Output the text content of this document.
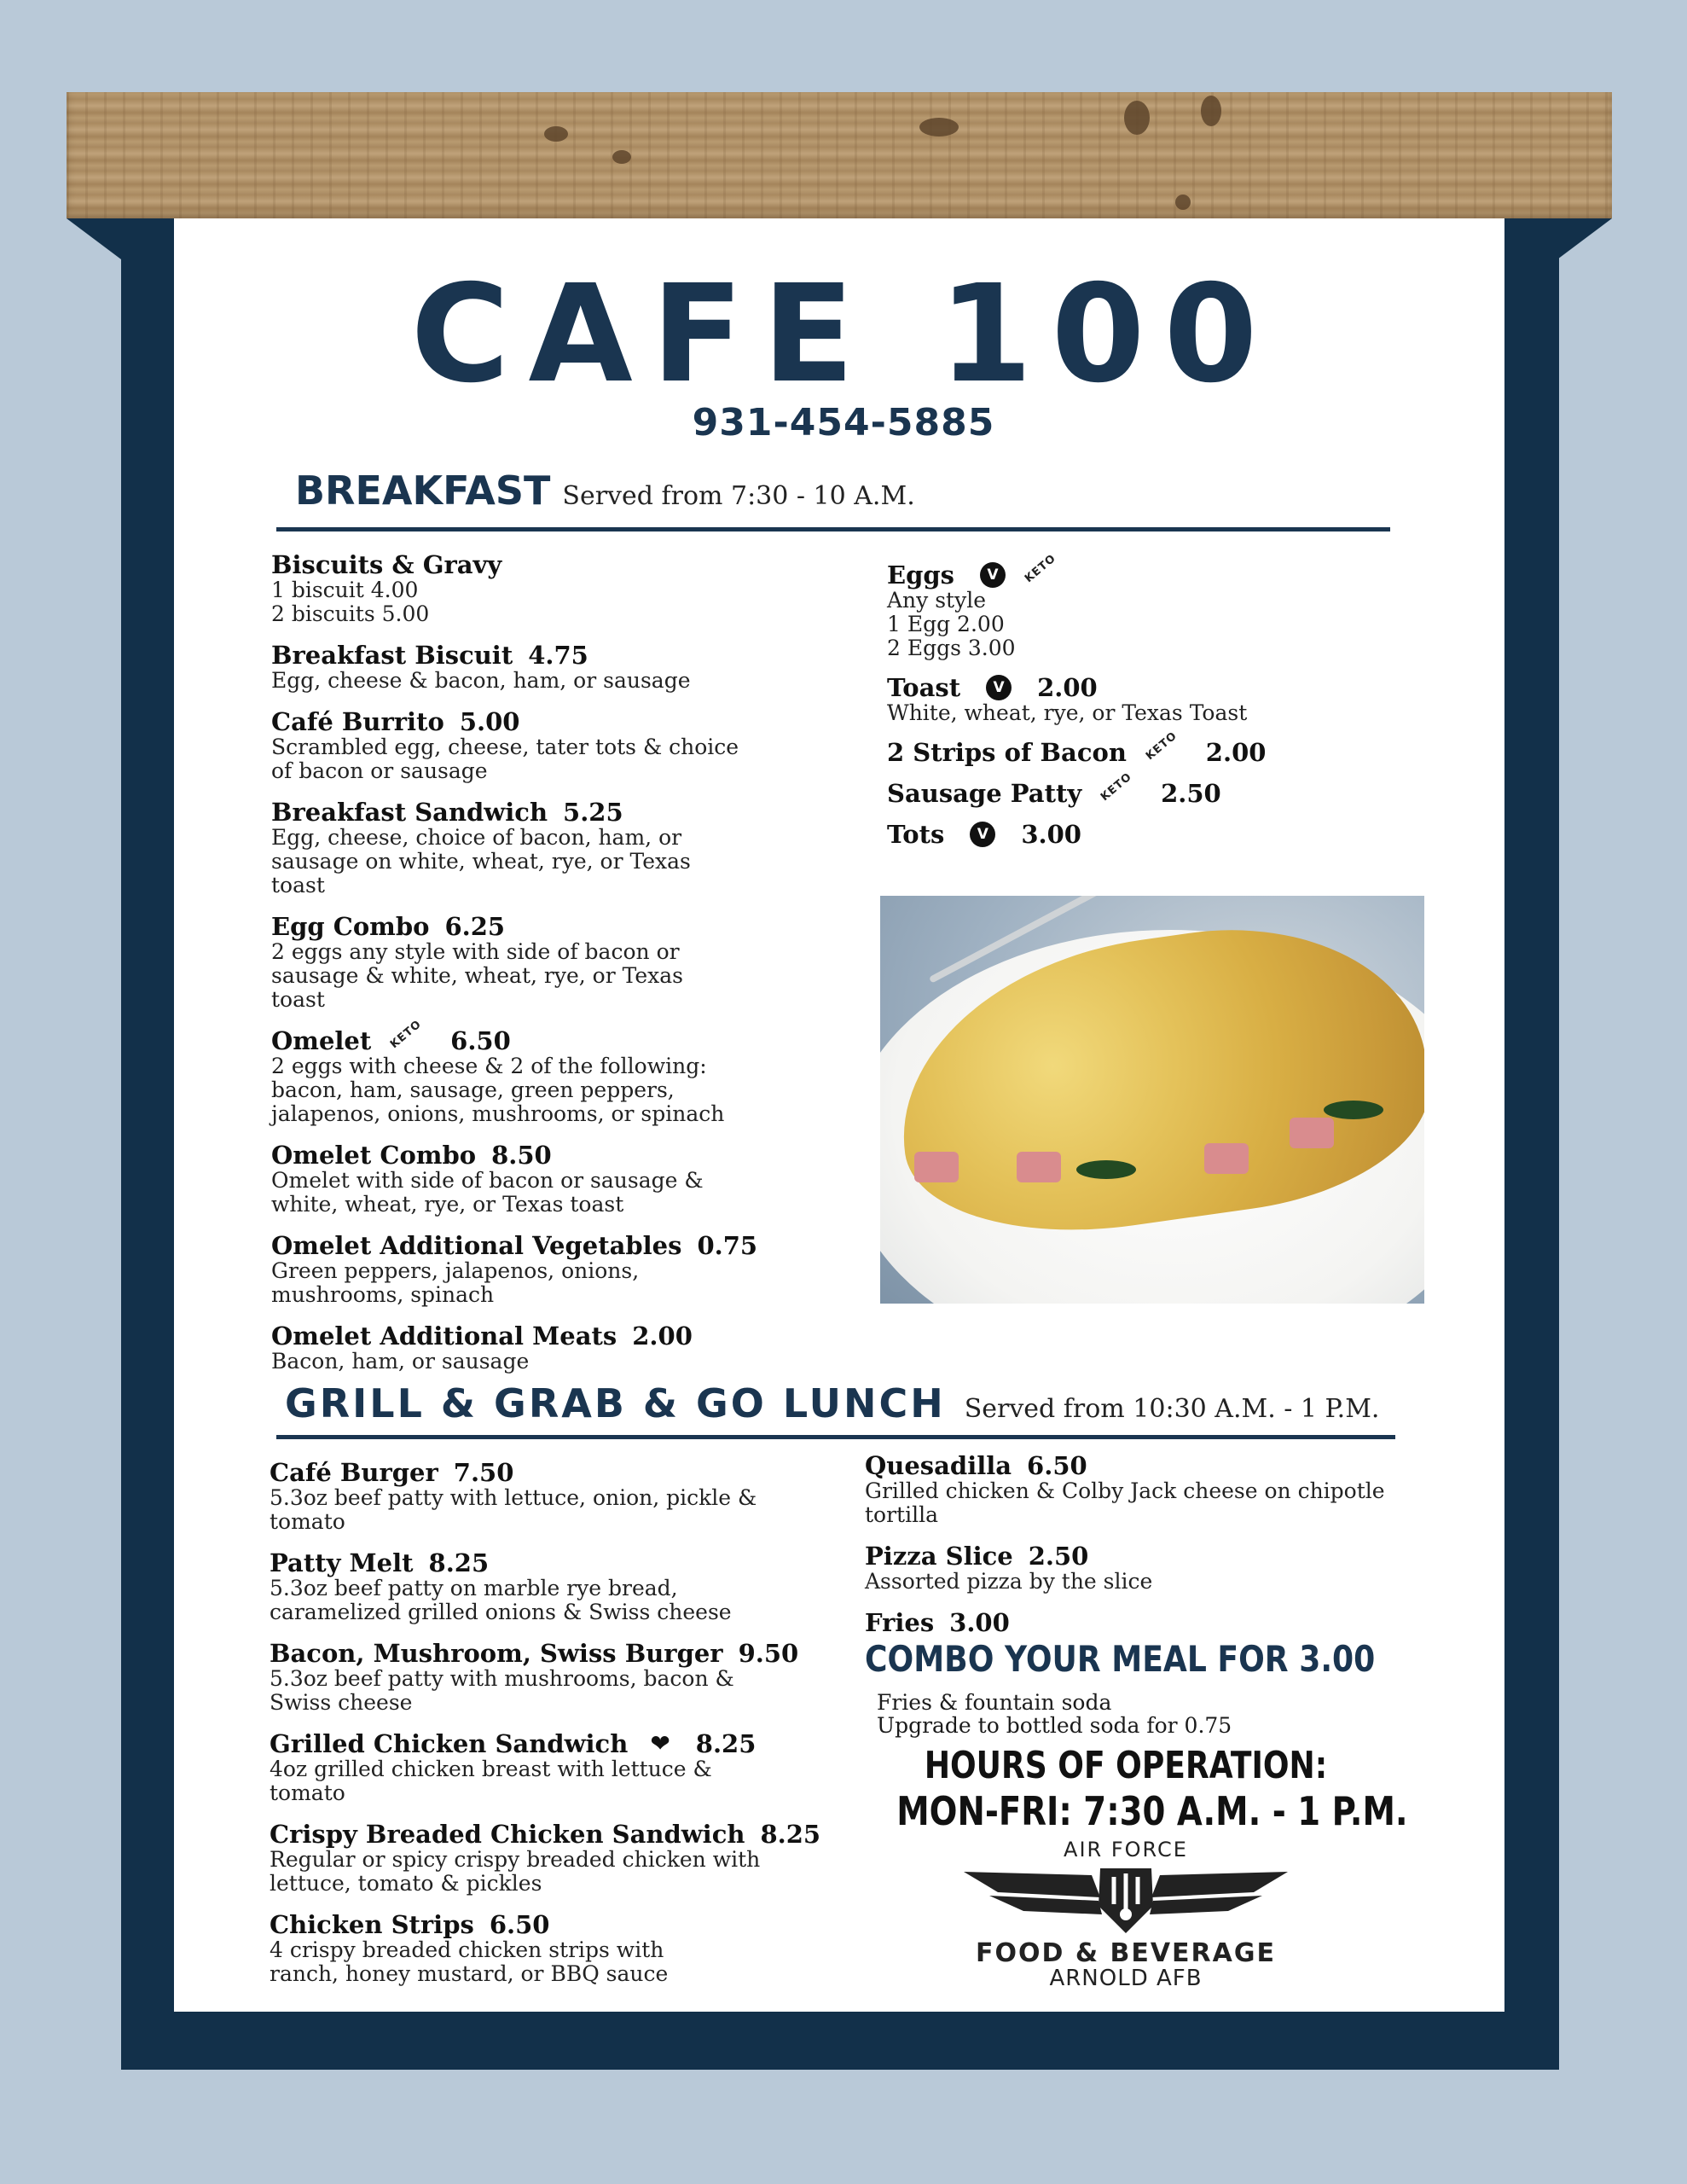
CAFE 100
931-454-5885
BREAKFAST Served from 7:30 - 10 A.M.
Biscuits & Gravy
1 biscuit 4.00
2 biscuits 5.00
Breakfast Biscuit 4.75
Egg, cheese & bacon, ham, or sausage
Café Burrito 5.00
Scrambled egg, cheese, tater tots & choice
of bacon or sausage
Breakfast Sandwich 5.25
Egg, cheese, choice of bacon, ham, or
sausage on white, wheat, rye, or Texas
toast
Egg Combo 6.25
2 eggs any style with side of bacon or
sausage & white, wheat, rye, or Texas
toast
Omelet	KETO 6.50
2 eggs with cheese & 2 of the following:
bacon, ham, sausage, green peppers,
jalapenos, onions, mushrooms, or spinach
Omelet Combo 8.50
Omelet with side of bacon or sausage &
white, wheat, rye, or Texas toast
Omelet Additional Vegetables 0.75
Green peppers, jalapenos, onions,
mushrooms, spinach
Omelet Additional Meats 2.00
Bacon, ham, or sausage
Eggs	V	KETO
Any style
1 Egg 2.00
2 Eggs 3.00
Toast	V 2.00
White, wheat, rye, or Texas Toast
2 Strips of Bacon	KETO 2.00
Sausage Patty	KETO 2.50
Tots	V 3.00
GRILL & GRAB & GO LUNCH Served from 10:30 A.M. - 1 P.M.
Café Burger 7.50
5.3oz beef patty with lettuce, onion, pickle &
tomato
Patty Melt 8.25
5.3oz beef patty on marble rye bread,
caramelized grilled onions & Swiss cheese
Bacon, Mushroom, Swiss Burger 9.50
5.3oz beef patty with mushrooms, bacon &
Swiss cheese
Grilled Chicken Sandwich ❤ 8.25
4oz grilled chicken breast with lettuce &
tomato
Crispy Breaded Chicken Sandwich 8.25
Regular or spicy crispy breaded chicken with
lettuce, tomato & pickles
Chicken Strips 6.50
4 crispy breaded chicken strips with
ranch, honey mustard, or BBQ sauce
Quesadilla 6.50
Grilled chicken & Colby Jack cheese on chipotle
tortilla
Pizza Slice 2.50
Assorted pizza by the slice
Fries 3.00
COMBO YOUR MEAL FOR 3.00
Fries & fountain soda
Upgrade to bottled soda for 0.75
HOURS OF OPERATION:
MON-FRI: 7:30 A.M. - 1 P.M.
AIR FORCE
FOOD & BEVERAGE
ARNOLD AFB
